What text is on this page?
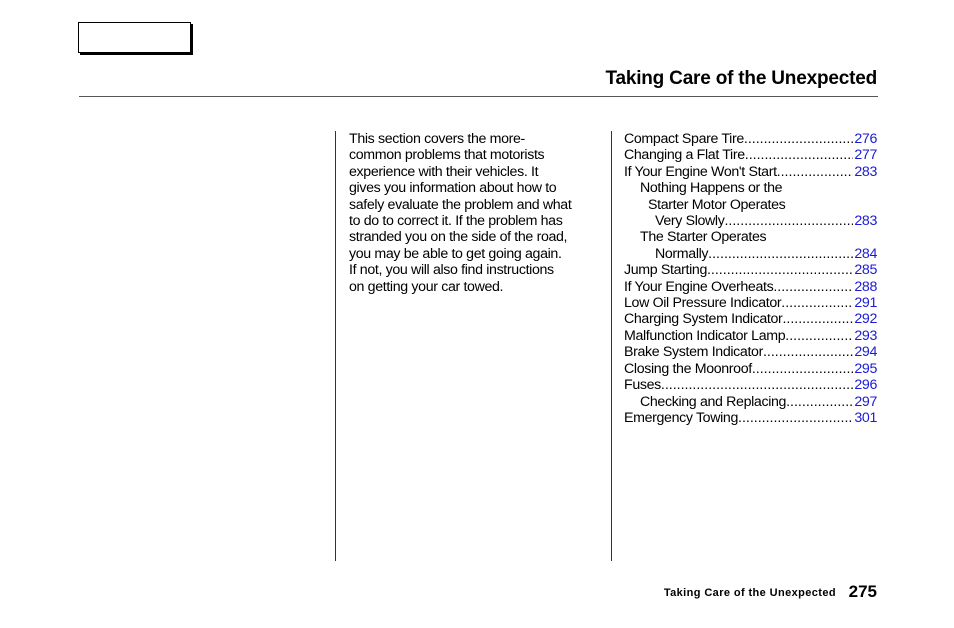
Taking Care of the Unexpected
This section covers the more-
common problems that motorists
experience with their vehicles. It
gives you information about how to
safely evaluate the problem and what
to do to correct it. If the problem has
stranded you on the side of the road,
you may be able to get going again.
If not, you will also find instructions
on getting your car towed.
Compact Spare Tire .....	276
Changing a Flat Tire .....	277
If Your Engine Won't Start .....	283
Nothing Happens or the
Starter Motor Operates
Very Slowly .....	283
The Starter Operates
Normally .....	284
Jump Starting .....	285
If Your Engine Overheats .....	288
Low Oil Pressure Indicator .....	291
Charging System Indicator .....	292
Malfunction Indicator Lamp .....	293
Brake System Indicator .....	294
Closing the Moonroof .....	295
Fuses .....	296
Checking and Replacing .....	297
Emergency Towing .....	301
Taking Care of the Unexpected 275
